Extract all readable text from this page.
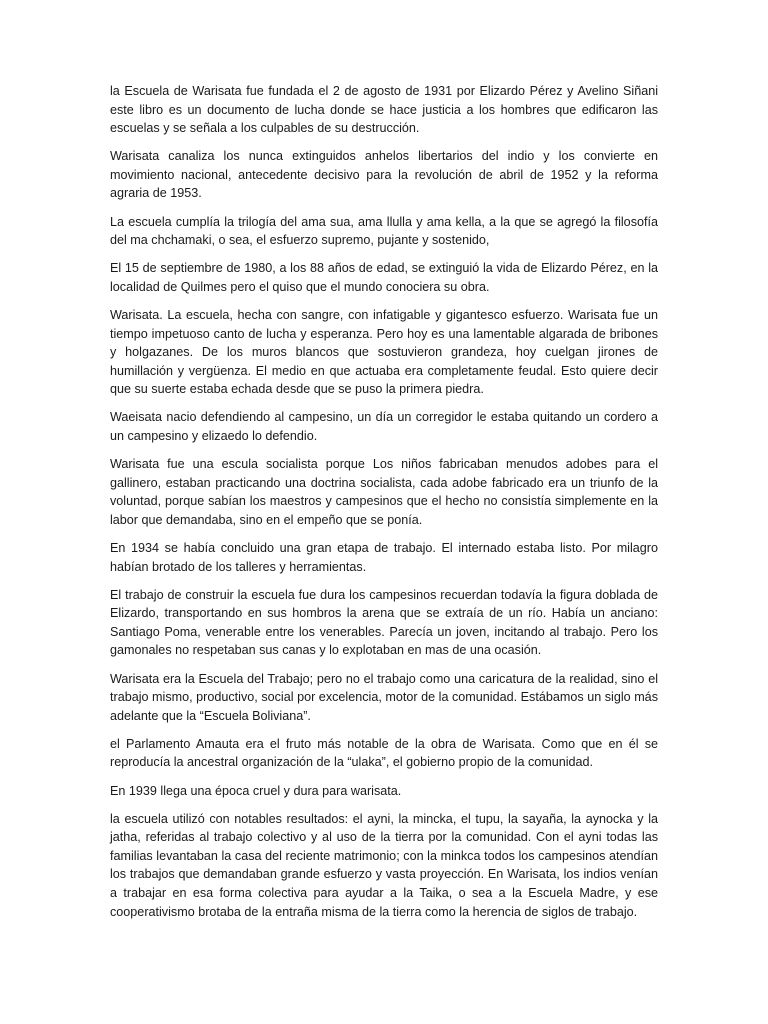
la Escuela de Warisata fue fundada el 2 de agosto de 1931 por Elizardo Pérez y Avelino Siñani este libro es un documento de lucha donde se hace justicia a los hombres que edificaron las escuelas y se señala a los culpables de su destrucción.

Warisata canaliza los nunca extinguidos anhelos libertarios del indio y los convierte en movimiento nacional, antecedente decisivo para la revolución de abril de 1952 y la reforma agraria de 1953.

La escuela cumplía la trilogía del ama sua, ama llulla y ama kella, a la que se agregó la filosofía del ma chchamaki, o sea, el esfuerzo supremo, pujante y sostenido,

El 15 de septiembre de 1980, a los 88 años de edad, se extinguió la vida de Elizardo Pérez, en la localidad de Quilmes pero el quiso que el mundo conociera su obra.

Warisata. La escuela, hecha con sangre, con infatigable y gigantesco esfuerzo. Warisata fue un tiempo impetuoso canto de lucha y esperanza. Pero hoy es una lamentable algarada de bribones y holgazanes. De los muros blancos que sostuvieron grandeza, hoy cuelgan jirones de humillación y vergüenza. El medio en que actuaba era completamente feudal. Esto quiere decir que su suerte estaba echada desde que se puso la primera piedra.

Waeisata nacio defendiendo al campesino, un día un corregidor le estaba quitando un cordero a un campesino y elizaedo lo defendio.

Warisata fue una escula socialista porque Los niños fabricaban menudos adobes para el gallinero, estaban practicando una doctrina socialista, cada adobe fabricado era un triunfo de la voluntad, porque sabían los maestros y campesinos que el hecho no consistía simplemente en la labor que demandaba, sino en el empeño que se ponía.

En 1934 se había concluido una gran etapa de trabajo. El internado estaba listo. Por milagro habían brotado de los talleres y herramientas.

El trabajo de construir la escuela fue dura los campesinos recuerdan todavía la figura doblada de Elizardo, transportando en sus hombros la arena que se extraía de un río. Había un anciano: Santiago Poma, venerable entre los venerables. Parecía un joven, incitando al trabajo. Pero los gamonales no respetaban sus canas y lo explotaban en mas de una ocasión.

Warisata era la Escuela del Trabajo; pero no el trabajo como una caricatura de la realidad, sino el trabajo mismo, productivo, social por excelencia, motor de la comunidad. Estábamos un siglo más adelante que la “Escuela Boliviana”.

el Parlamento Amauta era el fruto más notable de la obra de Warisata. Como que en él se reproducía la ancestral organización de la “ulaka”, el gobierno propio de la comunidad.

En 1939 llega una época cruel y dura para warisata.

la escuela utilizó con notables resultados: el ayni, la mincka, el tupu, la sayaña, la aynocka y la jatha, referidas al trabajo colectivo y al uso de la tierra por la comunidad. Con el ayni todas las familias levantaban la casa del reciente matrimonio; con la minkca todos los campesinos atendían los trabajos que demandaban grande esfuerzo y vasta proyección. En Warisata, los indios venían a trabajar en esa forma colectiva para ayudar a la Taika, o sea a la Escuela Madre, y ese cooperativismo brotaba de la entraña misma de la tierra como la herencia de siglos de trabajo.
